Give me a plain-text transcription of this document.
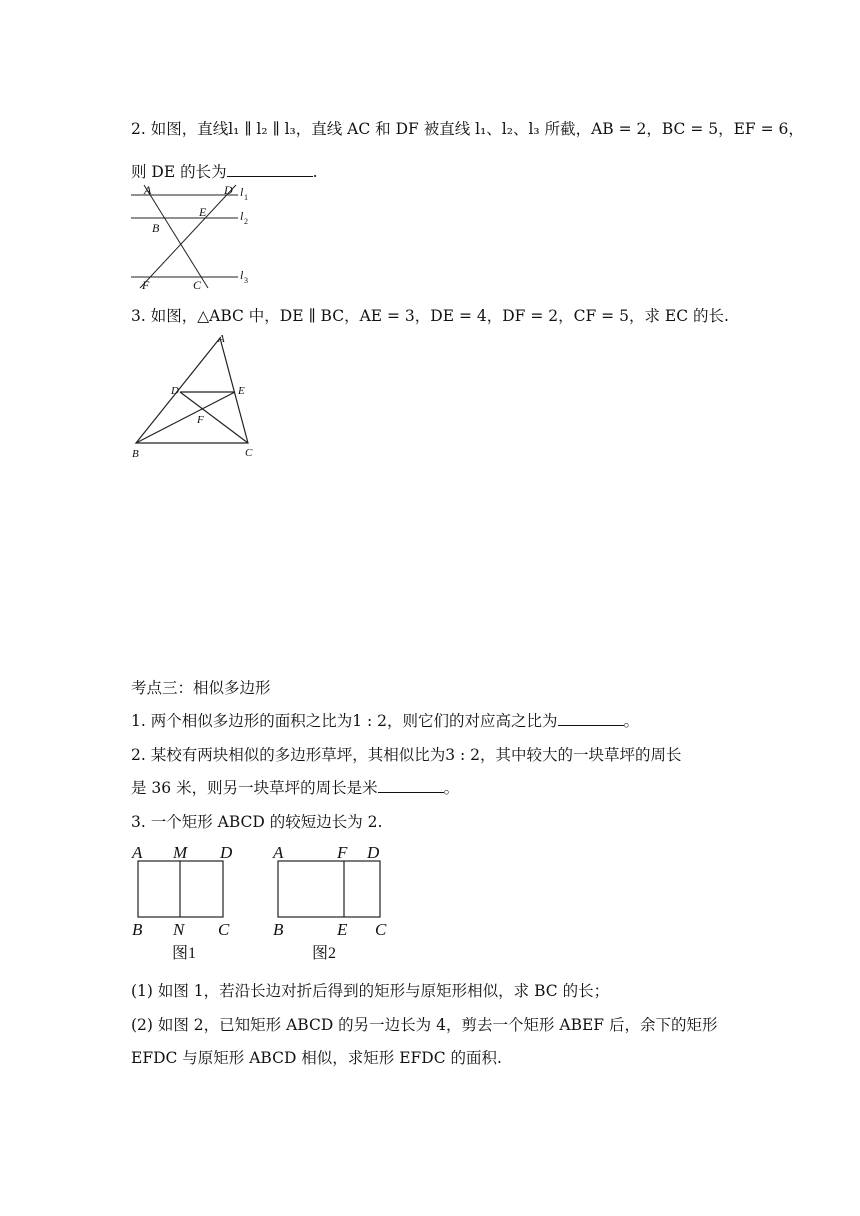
2. 如图，直线l₁ ∥ l₂ ∥ l₃，直线 AC 和 DF 被直线 l₁、l₂、l₃ 所截，AB = 2，BC = 5，EF = 6，
则 DE 的长为	.
A	D
E
B
F	C
l 1
l 2
l 3
3. 如图，△ABC 中，DE ∥ BC，AE = 3，DE = 4，DF = 2，CF = 5，求 EC 的长.
A
D	E
F
B	C
考点三：相似多边形
1. 两个相似多边形的面积之比为1 : 2，则它们的对应高之比为	。
2. 某校有两块相似的多边形草坪，其相似比为3 : 2，其中较大的一块草坪的周长
是 36 米，则另一块草坪的周长是米	。
3. 一个矩形 ABCD 的较短边长为 2.
A M D
B N C
图1
A	F D
B	E C
图2
(1) 如图 1，若沿长边对折后得到的矩形与原矩形相似，求 BC 的长；
(2) 如图 2，已知矩形 ABCD 的另一边长为 4，剪去一个矩形 ABEF 后，余下的矩形
EFDC 与原矩形 ABCD 相似，求矩形 EFDC 的面积.
